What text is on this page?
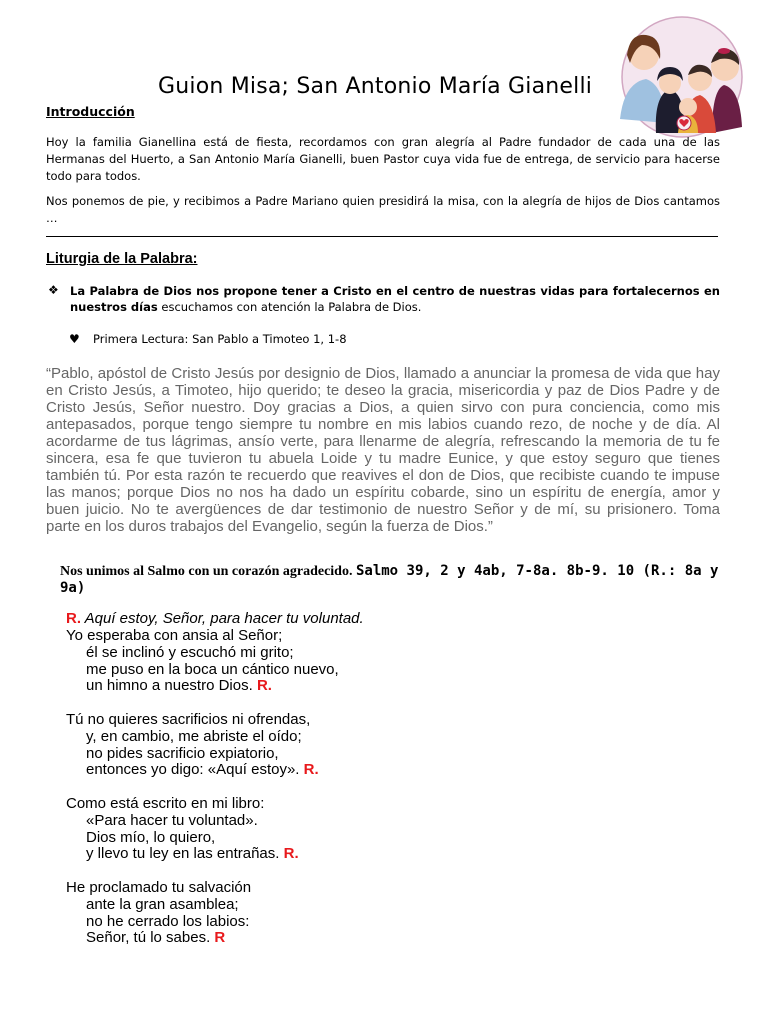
Guion Misa; San Antonio María Gianelli
Introducción
Hoy la familia Gianellina está de fiesta, recordamos con gran alegría al Padre fundador de cada una de las Hermanas del Huerto, a San Antonio María Gianelli, buen Pastor cuya vida fue de entrega, de servicio para hacerse todo para todos.
Nos ponemos de pie, y recibimos a Padre Mariano quien presidirá la misa, con la alegría de hijos de Dios cantamos …
Liturgia de la Palabra:
❖ La Palabra de Dios nos propone tener a Cristo en el centro de nuestras vidas para fortalecernos en nuestros días escuchamos con atención la Palabra de Dios.
♥ Primera Lectura: San Pablo a Timoteo 1, 1-8
“Pablo, apóstol de Cristo Jesús por designio de Dios, llamado a anunciar la promesa de vida que hay en Cristo Jesús, a Timoteo, hijo querido; te deseo la gracia, misericordia y paz de Dios Padre y de Cristo Jesús, Señor nuestro. Doy gracias a Dios, a quien sirvo con pura conciencia, como mis antepasados, porque tengo siempre tu nombre en mis labios cuando rezo, de noche y de día. Al acordarme de tus lágrimas, ansío verte, para llenarme de alegría, refrescando la memoria de tu fe sincera, esa fe que tuvieron tu abuela Loide y tu madre Eunice, y que estoy seguro que tienes también tú. Por esta razón te recuerdo que reavives el don de Dios, que recibiste cuando te impuse las manos; porque Dios no nos ha dado un espíritu cobarde, sino un espíritu de energía, amor y buen juicio. No te avergüences de dar testimonio de nuestro Señor y de mí, su prisionero. Toma parte en los duros trabajos del Evangelio, según la fuerza de Dios.”
Nos unimos al Salmo con un corazón agradecido. Salmo 39, 2 y 4ab, 7-8a. 8b-9. 10 (R.: 8a y 9a)
R. Aquí estoy, Señor, para hacer tu voluntad.
Yo esperaba con ansia al Señor;
él se inclinó y escuchó mi grito;
me puso en la boca un cántico nuevo,
un himno a nuestro Dios. R.
Tú no quieres sacrificios ni ofrendas,
y, en cambio, me abriste el oído;
no pides sacrificio expiatorio,
entonces yo digo: «Aquí estoy». R.
Como está escrito en mi libro:
«Para hacer tu voluntad».
Dios mío, lo quiero,
y llevo tu ley en las entrañas. R.
He proclamado tu salvación
ante la gran asamblea;
no he cerrado los labios:
Señor, tú lo sabes. R
